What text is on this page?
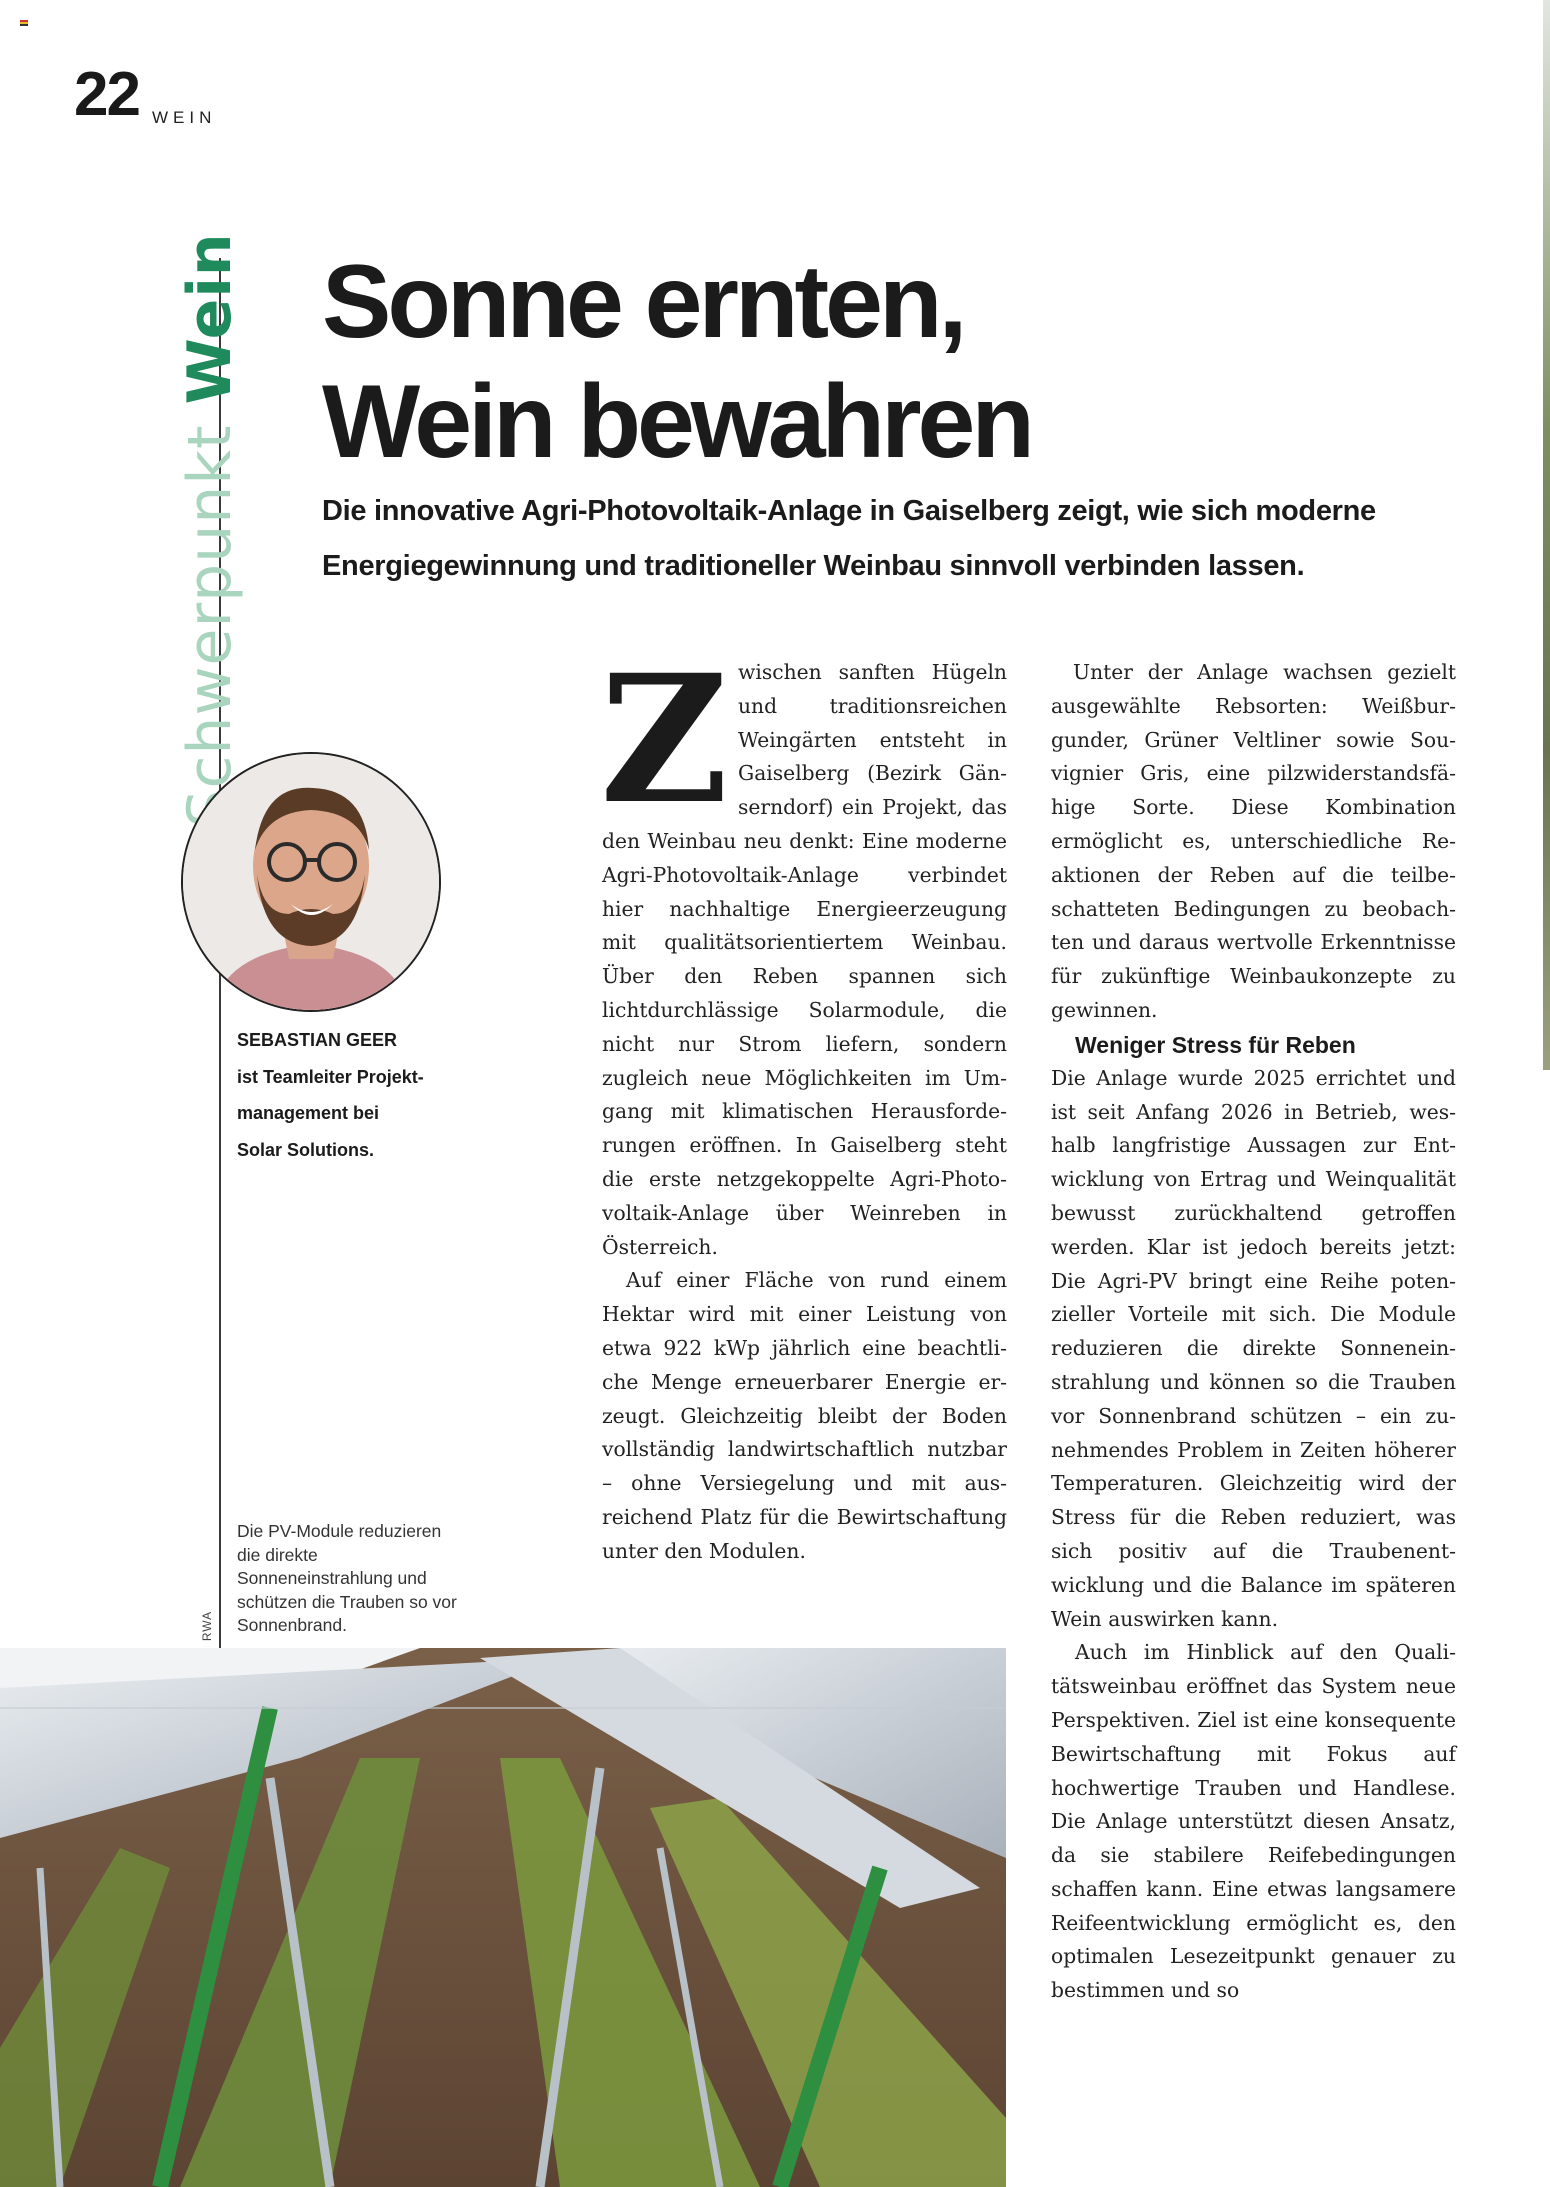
22 WEIN
Schwerpunkt Wein Sonne ernten,
Wein bewahren

Die innovative Agri-Photovoltaik-Anlage in Gaiselberg zeigt, wie sich moderne Energiegewinnung und traditioneller Weinbau sinnvoll verbinden lassen.

SEBASTIAN GEER
ist Teamleiter Projekt-
management bei
Solar Solutions.
Die PV-Module reduzieren die direkte Sonneneinstrahlung und schützen die Trauben so vor Sonnenbrand.
RWA

Zwischen sanften Hügeln und traditionsreichen Weingärten entsteht in Gaiselberg (Bezirk Gänserndorf) ein Projekt, das den Weinbau neu denkt: Eine moderne Agri-Photovoltaik-Anlage verbindet hier nachhaltige Energieerzeugung mit qualitätsorientiertem Weinbau. Über den Reben spannen sich lichtdurchlässige Solarmodule, die nicht nur Strom liefern, sondern zugleich neue Möglichkeiten im Umgang mit klimatischen Herausforderungen eröffnen. In Gaiselberg steht die erste netzgekoppelte Agri-Photovoltaik-Anlage über Weinreben in Österreich.

Auf einer Fläche von rund einem Hektar wird mit einer Leistung von etwa 922 kWp jährlich eine beachtliche Menge erneuerbarer Energie erzeugt. Gleichzeitig bleibt der Boden vollständig landwirtschaftlich nutzbar – ohne Versiegelung und mit ausreichend Platz für die Bewirtschaftung unter den Modulen.

Unter der Anlage wachsen gezielt ausgewählte Rebsorten: Weißburgunder, Grüner Veltliner sowie Souvignier Gris, eine pilzwiderstandsfähige Sorte. Diese Kombination ermöglicht es, unterschiedliche Reaktionen der Reben auf die teilbeschatteten Bedingungen zu beobachten und daraus wertvolle Erkenntnisse für zukünftige Weinbaukonzepte zu gewinnen.

Weniger Stress für Reben

Die Anlage wurde 2025 errichtet und ist seit Anfang 2026 in Betrieb, weshalb langfristige Aussagen zur Entwicklung von Ertrag und Weinqualität bewusst zurückhaltend getroffen werden. Klar ist jedoch bereits jetzt: Die Agri-PV bringt eine Reihe potenzieller Vorteile mit sich. Die Module reduzieren die direkte Sonneneinstrahlung und können so die Trauben vor Sonnenbrand schützen – ein zunehmendes Problem in Zeiten höherer Temperaturen. Gleichzeitig wird der Stress für die Reben reduziert, was sich positiv auf die Traubenentwicklung und die Balance im späteren Wein auswirken kann.

Auch im Hinblick auf den Qualitätsweinbau eröffnet das System neue Perspektiven. Ziel ist eine konsequente Bewirtschaftung mit Fokus auf hochwertige Trauben und Handlese. Die Anlage unterstützt diesen Ansatz, da sie stabilere Reifebedingungen schaffen kann. Eine etwas langsamere Reifeentwicklung ermöglicht es, den optimalen Lesezeitpunkt genauer zu bestimmen und so
